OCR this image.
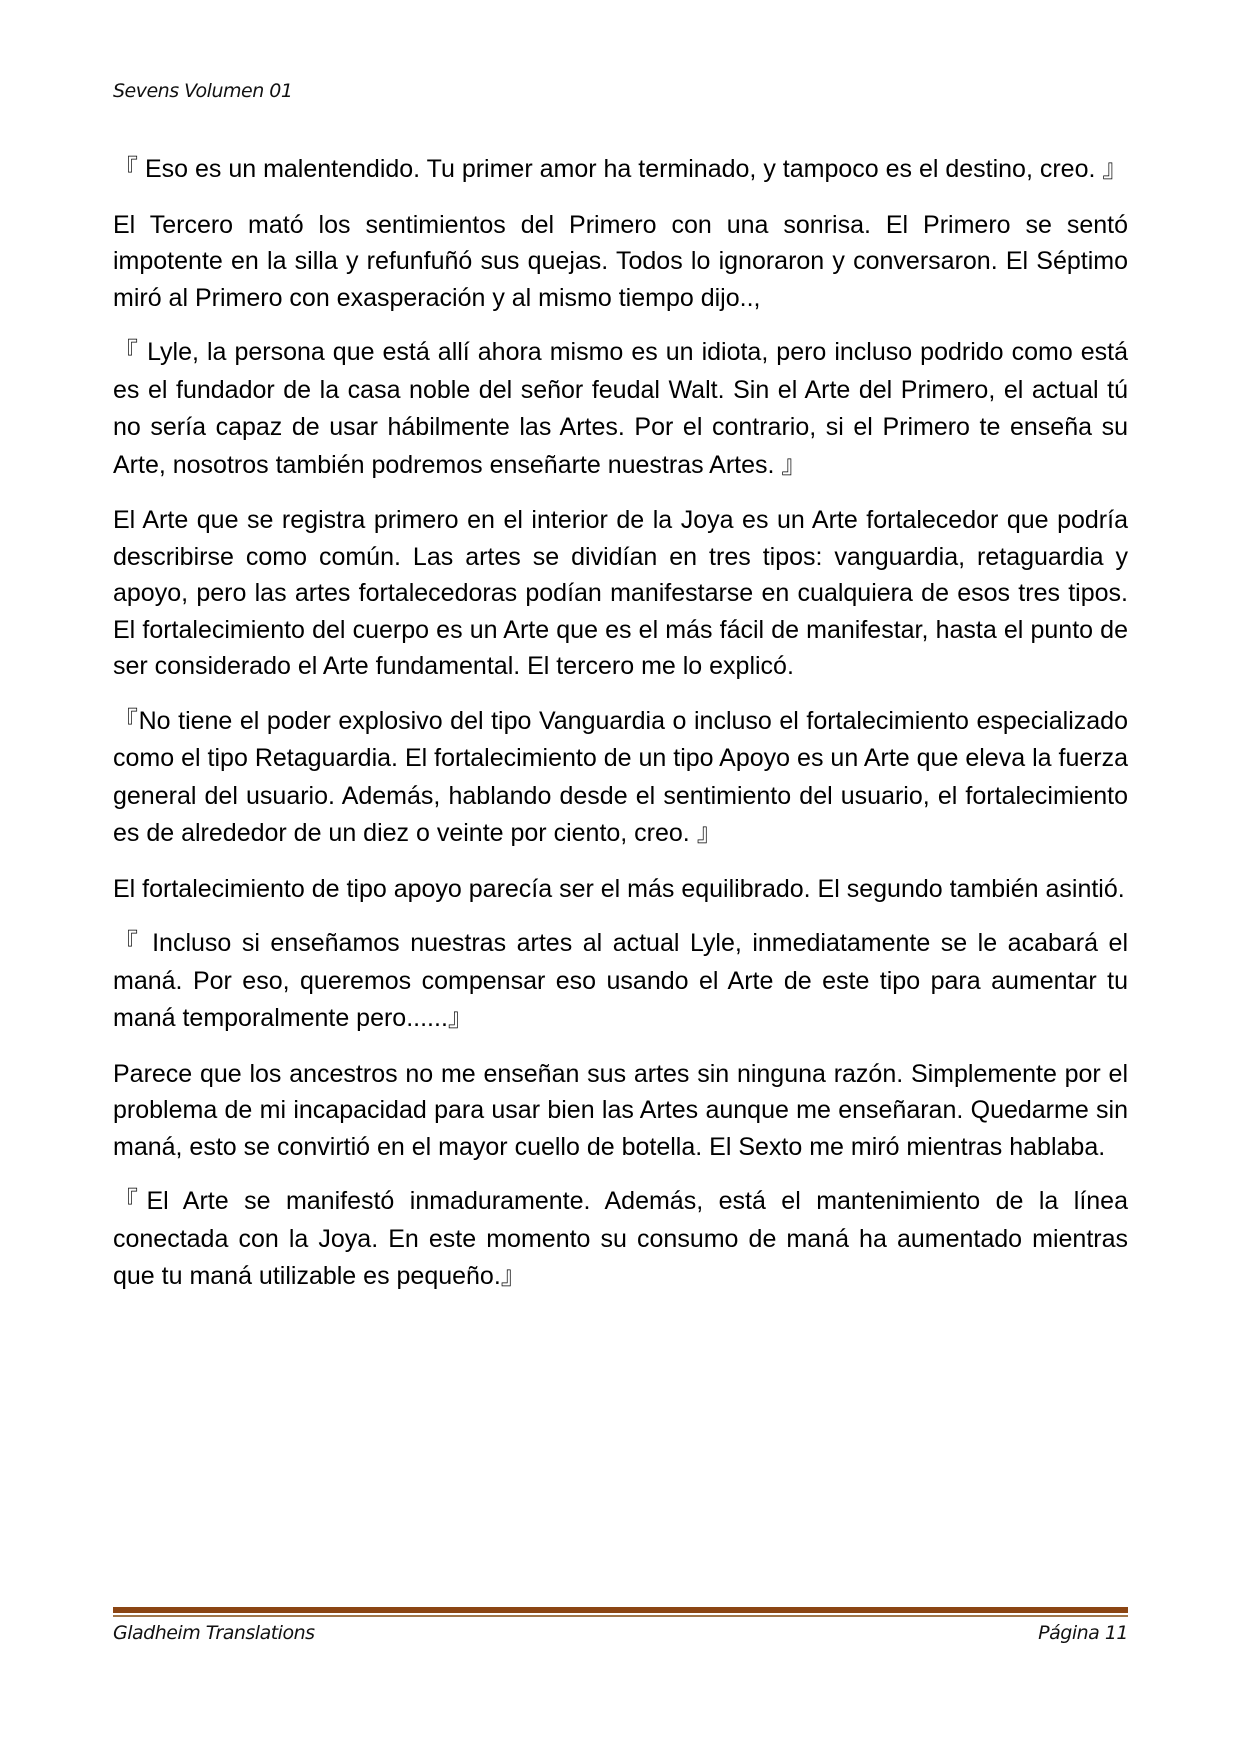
Sevens Volumen 01

『 Eso es un malentendido. Tu primer amor ha terminado, y tampoco es el destino, creo. 』

El Tercero mató los sentimientos del Primero con una sonrisa. El Primero se sentó impotente en la silla y refunfuñó sus quejas. Todos lo ignoraron y conversaron. El Séptimo miró al Primero con exasperación y al mismo tiempo dijo..,

『 Lyle, la persona que está allí ahora mismo es un idiota, pero incluso podrido como está es el fundador de la casa noble del señor feudal Walt. Sin el Arte del Primero, el actual tú no sería capaz de usar hábilmente las Artes. Por el contrario, si el Primero te enseña su Arte, nosotros también podremos enseñarte nuestras Artes. 』

El Arte que se registra primero en el interior de la Joya es un Arte fortalecedor que podría describirse como común. Las artes se dividían en tres tipos: vanguardia, retaguardia y apoyo, pero las artes fortalecedoras podían manifestarse en cualquiera de esos tres tipos. El fortalecimiento del cuerpo es un Arte que es el más fácil de manifestar, hasta el punto de ser considerado el Arte fundamental. El tercero me lo explicó.

『No tiene el poder explosivo del tipo Vanguardia o incluso el fortalecimiento especializado como el tipo Retaguardia. El fortalecimiento de un tipo Apoyo es un Arte que eleva la fuerza general del usuario. Además, hablando desde el sentimiento del usuario, el fortalecimiento es de alrededor de un diez o veinte por ciento, creo. 』

El fortalecimiento de tipo apoyo parecía ser el más equilibrado. El segundo también asintió.

『 Incluso si enseñamos nuestras artes al actual Lyle, inmediatamente se le acabará el maná. Por eso, queremos compensar eso usando el Arte de este tipo para aumentar tu maná temporalmente pero......』

Parece que los ancestros no me enseñan sus artes sin ninguna razón. Simplemente por el problema de mi incapacidad para usar bien las Artes aunque me enseñaran. Quedarme sin maná, esto se convirtió en el mayor cuello de botella. El Sexto me miró mientras hablaba.

『El Arte se manifestó inmaduramente. Además, está el mantenimiento de la línea conectada con la Joya. En este momento su consumo de maná ha aumentado mientras que tu maná utilizable es pequeño.』

Gladheim Translations	Página 11
